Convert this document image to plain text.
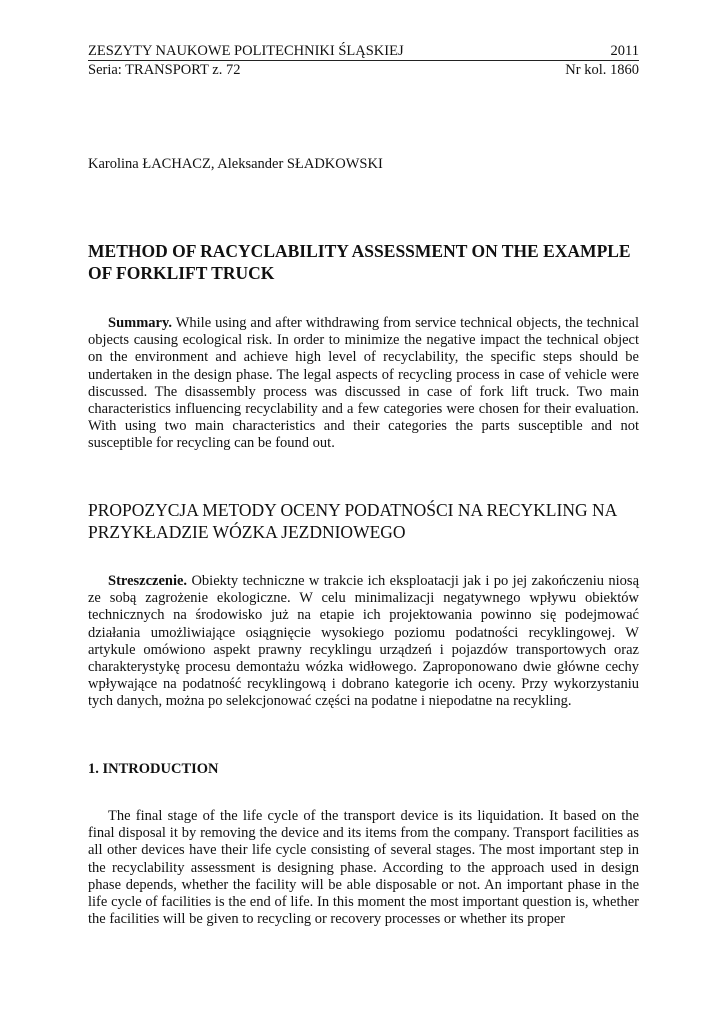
ZESZYTY NAUKOWE POLITECHNIKI ŚLĄSKIEJ	2011
Seria: TRANSPORT z. 72	Nr kol. 1860
Karolina ŁACHACZ, Aleksander SŁADKOWSKI
METHOD OF RACYCLABILITY ASSESSMENT ON THE EXAMPLE OF FORKLIFT TRUCK

Summary. While using and after withdrawing from service technical objects, the technical objects causing ecological risk. In order to minimize the negative impact the technical object on the environment and achieve high level of recyclability, the specific steps should be undertaken in the design phase. The legal aspects of recycling process in case of vehicle were discussed. The disassembly process was discussed in case of fork lift truck. Two main characteristics influencing recyclability and a few categories were chosen for their evaluation. With using two main characteristics and their categories the parts susceptible and not susceptible for recycling can be found out.

PROPOZYCJA METODY OCENY PODATNOŚCI NA RECYKLING NA PRZYKŁADZIE WÓZKA JEZDNIOWEGO

Streszczenie. Obiekty techniczne w trakcie ich eksploatacji jak i po jej zakończeniu niosą ze sobą zagrożenie ekologiczne. W celu minimalizacji negatywnego wpływu obiektów technicznych na środowisko już na etapie ich projektowania powinno się podejmować działania umożliwiające osiągnięcie wysokiego poziomu podatności recyklingowej. W artykule omówiono aspekt prawny recyklingu urządzeń i pojazdów transportowych oraz charakterystykę procesu demontażu wózka widłowego. Zaproponowano dwie główne cechy wpływające na podatność recyklingową i dobrano kategorie ich oceny. Przy wykorzystaniu tych danych, można po selekcjonować części na podatne i niepodatne na recykling.

1. INTRODUCTION

The final stage of the life cycle of the transport device is its liquidation. It based on the final disposal it by removing the device and its items from the company. Transport facilities as all other devices have their life cycle consisting of several stages. The most important step in the recyclability assessment is designing phase. According to the approach used in design phase depends, whether the facility will be able disposable or not. An important phase in the life cycle of facilities is the end of life. In this moment the most important question is, whether the facilities will be given to recycling or recovery processes or whether its proper
